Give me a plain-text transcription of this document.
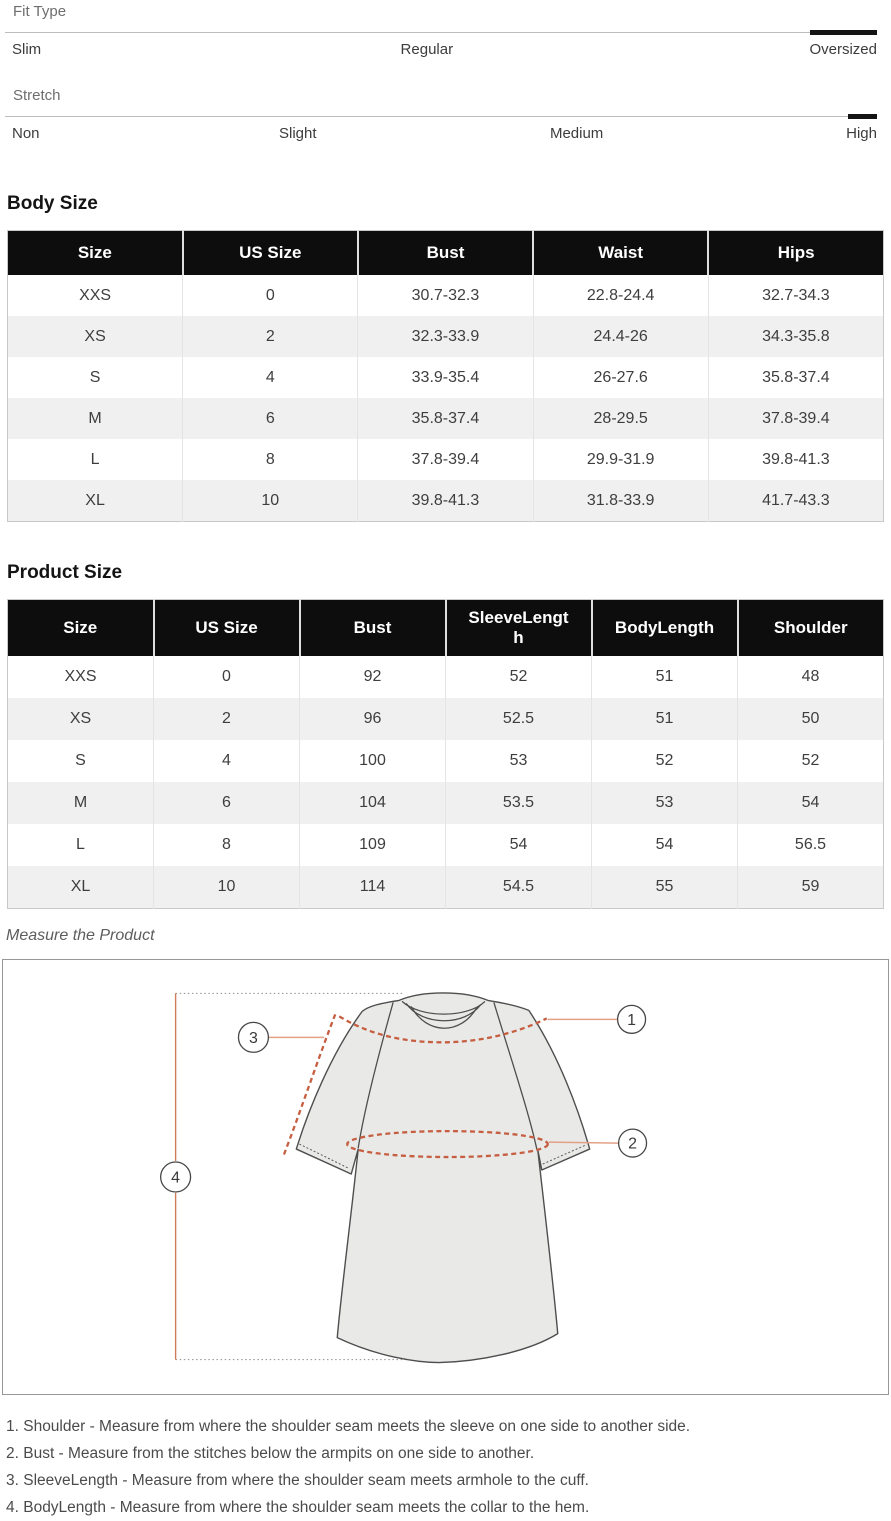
Fit Type
Slim	Regular	Oversized
Stretch
Non	Slight	Medium	High
Body Size
Size	US Size	Bust	Waist	Hips
XXS	0	30.7-32.3	22.8-24.4	32.7-34.3
XS	2	32.3-33.9	24.4-26	34.3-35.8
S	4	33.9-35.4	26-27.6	35.8-37.4
M	6	35.8-37.4	28-29.5	37.8-39.4
L	8	37.8-39.4	29.9-31.9	39.8-41.3
XL	10	39.8-41.3	31.8-33.9	41.7-43.3
Product Size
Size	US Size	Bust	SleeveLength	BodyLength	Shoulder
XXS	0	92	52	51	48
XS	2	96	52.5	51	50
S	4	100	53	52	52
M	6	104	53.5	53	54
L	8	109	54	54	56.5
XL	10	114	54.5	55	59
Measure the Product
1
2
3
4
1. Shoulder - Measure from where the shoulder seam meets the sleeve on one side to another side.
2. Bust - Measure from the stitches below the armpits on one side to another.
3. SleeveLength - Measure from where the shoulder seam meets armhole to the cuff.
4. BodyLength - Measure from where the shoulder seam meets the collar to the hem.
